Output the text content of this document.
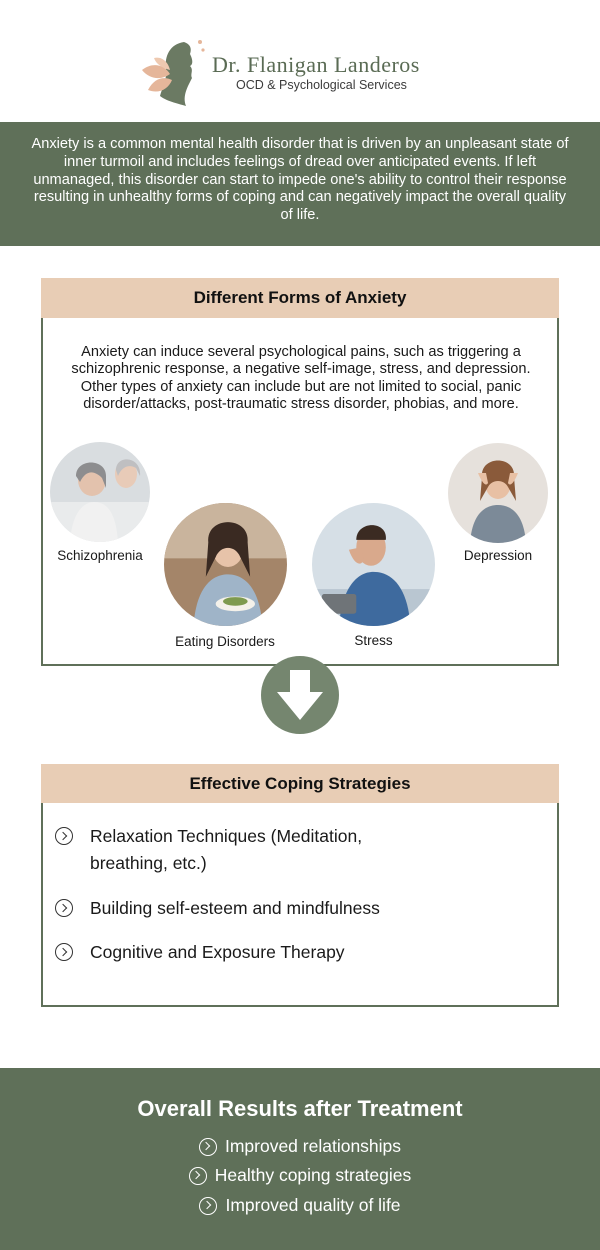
Dr. Flanigan Landeros
OCD & Psychological Services
Anxiety is a common mental health disorder that is driven by an unpleasant state of inner turmoil and includes feelings of dread over anticipated events. If left unmanaged, this disorder can start to impede one's ability to control their response resulting in unhealthy forms of coping and can negatively impact the overall quality of life.
Different Forms of Anxiety
Anxiety can induce several psychological pains, such as triggering a schizophrenic response, a negative self-image, stress, and depression. Other types of anxiety can include but are not limited to social, panic disorder/attacks, post-traumatic stress disorder, phobias, and more.
Schizophrenia
Eating Disorders	Stress
Depression
Effective Coping Strategies
Relaxation Techniques (Meditation, breathing, etc.)
Building self-esteem and mindfulness
Cognitive and Exposure Therapy
Overall Results after Treatment
Improved relationships
Healthy coping strategies
Improved quality of life
